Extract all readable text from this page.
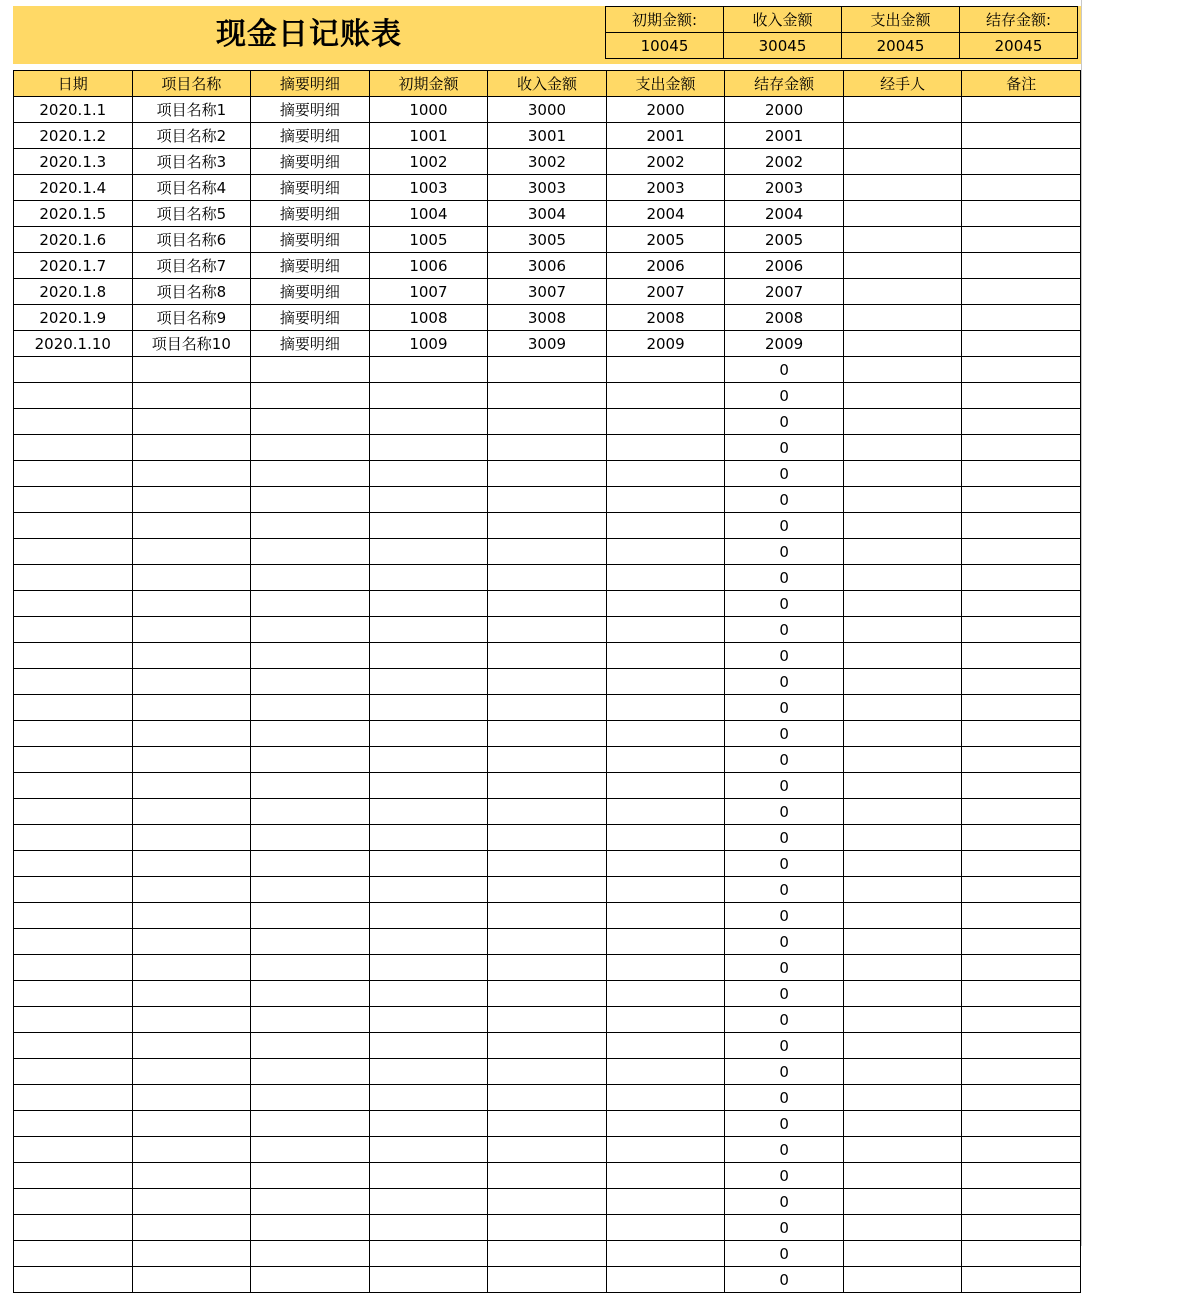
现金日记账表	初期金额:	收入金额	支出金额	结存金额:
10045	30045	20045	20045
日期	项目名称	摘要明细	初期金额	收入金额	支出金额	结存金额	经手人	备注
2020.1.1	项目名称1	摘要明细	1000	3000	2000	2000		
2020.1.2	项目名称2	摘要明细	1001	3001	2001	2001		
2020.1.3	项目名称3	摘要明细	1002	3002	2002	2002		
2020.1.4	项目名称4	摘要明细	1003	3003	2003	2003		
2020.1.5	项目名称5	摘要明细	1004	3004	2004	2004		
2020.1.6	项目名称6	摘要明细	1005	3005	2005	2005		
2020.1.7	项目名称7	摘要明细	1006	3006	2006	2006		
2020.1.8	项目名称8	摘要明细	1007	3007	2007	2007		
2020.1.9	项目名称9	摘要明细	1008	3008	2008	2008		
2020.1.10	项目名称10	摘要明细	1009	3009	2009	2009		
						0		
						0		
						0		
						0		
						0		
						0		
						0		
						0		
						0		
						0		
						0		
						0		
						0		
						0		
						0		
						0		
						0		
						0		
						0		
						0		
						0		
						0		
						0		
						0		
						0		
						0		
						0		
						0		
						0		
						0		
						0		
						0		
						0		
						0		
						0		
						0		
